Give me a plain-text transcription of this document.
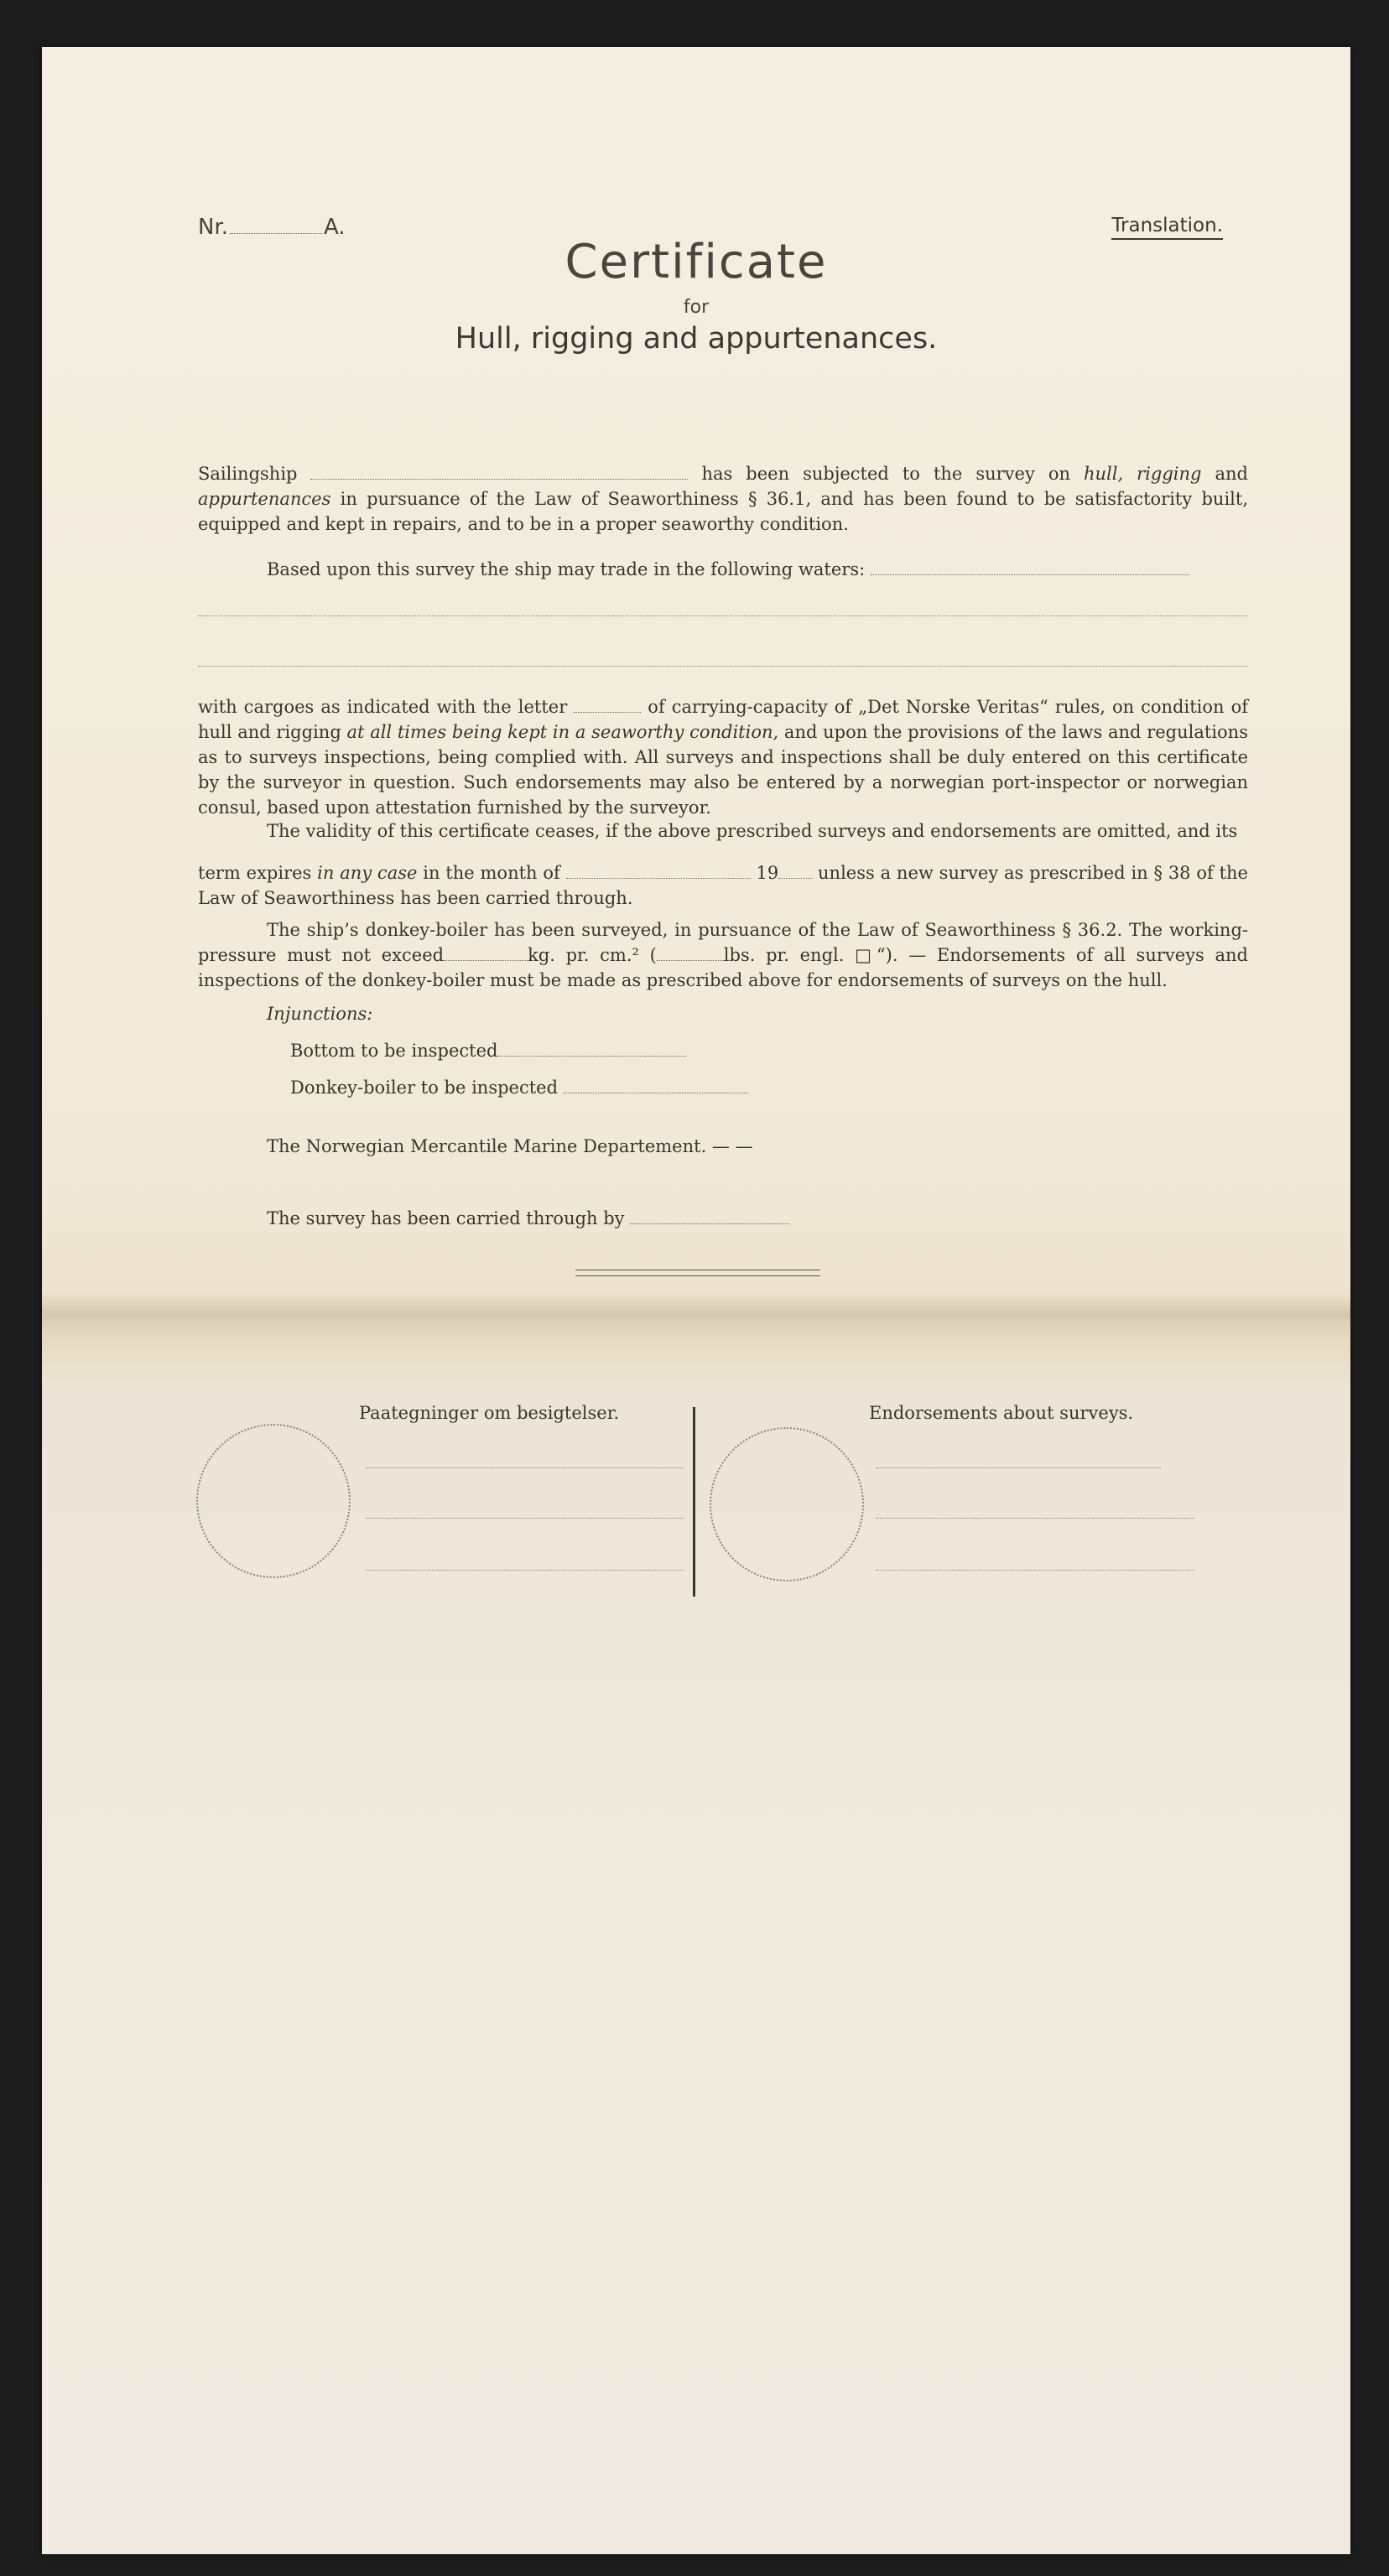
Nr.	A.	Translation.
Certificate
for
Hull, rigging and appurtenances.
Sailingship	has been subjected to the survey on hull, rigging and appurtenances in pursuance of the Law of Seaworthiness § 36.1, and has been found to be satisfactority built, equipped and kept in repairs, and to be in a proper seaworthy condition.
Based upon this survey the ship may trade in the following waters:
with cargoes as indicated with the letter	of carrying-capacity of „Det Norske Veritas“ rules, on condition of hull and rigging at all times being kept in a seaworthy condition, and upon the provisions of the laws and regulations as to surveys inspections, being complied with. All surveys and inspections shall be duly entered on this certificate by the surveyor in question. Such endorsements may also be entered by a norwegian port-inspector or norwegian consul, based upon attestation furnished by the surveyor.
The validity of this certificate ceases, if the above prescribed surveys and endorsements are omitted, and its
term expires in any case in the month of	19 unless a new survey as prescribed in § 38 of the Law of Seaworthiness has been carried through.
The ship’s donkey-boiler has been surveyed, in pursuance of the Law of Seaworthiness § 36.2. The working-pressure must not exceed	kg. pr. cm.² (	lbs. pr. engl. □“). — Endorsements of all surveys and inspections of the donkey-boiler must be made as prescribed above for endorsements of surveys on the hull.
Injunctions:
Bottom to be inspected
Donkey-boiler to be inspected
The Norwegian Mercantile Marine Departement. — —
The survey has been carried through by
Paategninger om besigtelser.	Endorsements about surveys.
